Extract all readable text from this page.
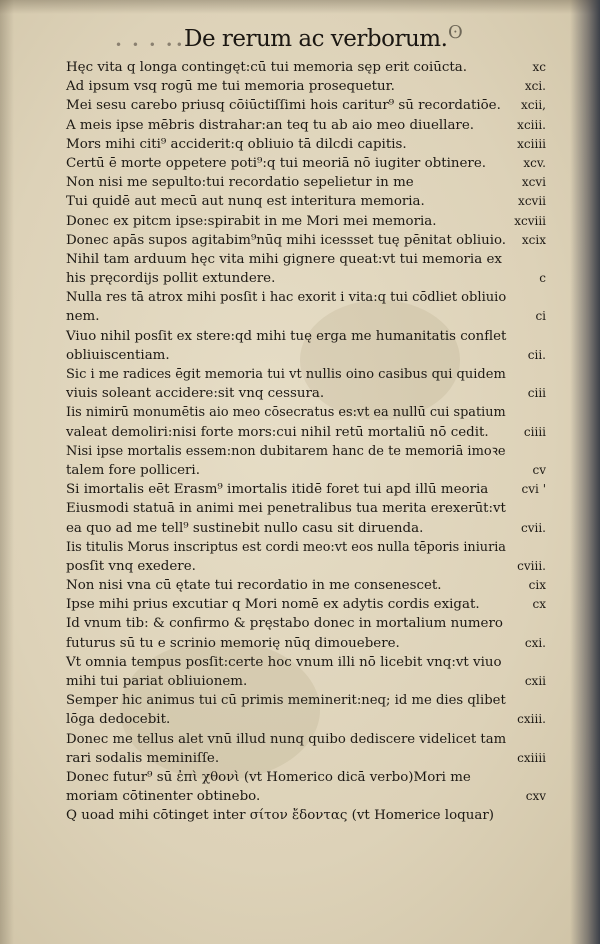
• • • ••
De rerum ac verborum. ʘ
Hęc vita q longa contingęt:cū tui memoria sęp erit coiūcta.	xc
Ad ipsum vsq rogū me tui memoria prosequetur.	xci.
Mei sesu carebo priusq cōiūctiſſimi hois caritur⁹ sū recordatiōe. xcii,
A meis ipse mēbris distrahar:an teq tu ab aio meo diuellare.	xciii.
Mors mihi citi⁹ acciderit:q obliuio tā dilcdi capitis.	xciiii
Certū ē morte oppetere poti⁹:q tui meoriā nō iugiter obtinere.	xcv.
Non nisi me sepulto:tui recordatio sepelietur in me	xcvi
Tui quidē aut mecū aut nunq est interitura memoria.	xcvii
Donec ex pitcm ipse:spirabit in me Mori mei memoria.	xcviii
Donec apās supos agitabim⁹nūq mihi icessset tuę pēnitat obliuio. xcix
Nihil tam arduum hęc vita mihi gignere queat:vt tui memoria ex
his pręcordijs pollit extundere.	c
Nulla res tā atrox mihi posſit i hac exorit i vita:q tui cōdliet obliuio
nem.	ci
Viuo nihil posſit ex stere:qd mihi tuę erga me humanitatis conflet
obliuiscentiam.	cii.
Sic i me radices ēgit memoria tui vt nullis oino casibus qui quidem
viuis soleant accidere:sit vnq cessura.	ciii
Iis nimirū monumētis aio meo cōsecratus es:vt ea nullū cui spatium
valeat demoliri:nisi forte mors:cui nihil retū mortaliū nō cedit.	ciiii
Nisi ipse mortalis essem:non dubitarem hanc de te memoriā imoꝛe
talem fore polliceri.	cv
Si imortalis eēt Erasm⁹ imortalis itidē foret tui apd illū meoria	cvi ꞌ
Eiusmodi statuā in animi mei penetralibus tua merita erexerūt:vt
ea quo ad me tell⁹ sustinebit nullo casu sit diruenda.	cvii.
Iis titulis Morus inscriptus est cordi meo:vt eos nulla tēporis iniuria
posſit vnq exedere.	cviii.
Non nisi vna cū ętate tui recordatio in me consenescet.	cix
Ipse mihi prius excutiar q Mori nomē ex adytis cordis exigat.	cx
Id vnum tib: & confirmo & pręstabo donec in mortalium numero
futurus sū tu e scrinio memorię nūq dimouebere.	cxi.
Vt omnia tempus posſit:certe hoc vnum illi nō licebit vnq:vt viuo
mihi tui pariat obliuionem.	cxii
Semper hic animus tui cū primis meminerit:neq; id me dies qlibet
lōga dedocebit.	cxiii.
Donec me tellus alet vnū illud nunq quibo dediscere videlicet tam
rari sodalis meminiſſe.	cxiiii
Donec futur⁹ sū ἐπὶ χθονὶ (vt Homerico dicā verbo)Mori me
moriam cōtinenter obtinebo.	cxv
Q uoad mihi cōtinget inter σίτον ἔδοντας (vt Homerice loquar)
